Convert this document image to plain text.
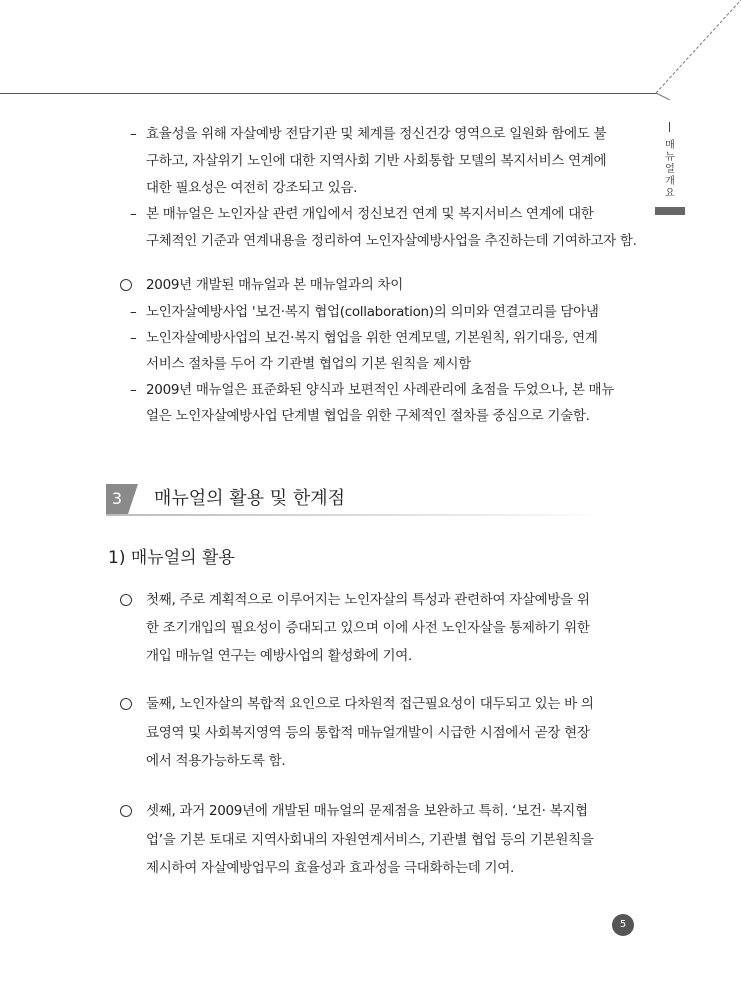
매뉴얼 개요
– 효율성을 위해 자살예방 전담기관 및 체계를 정신건강 영역으로 일원화 함에도 불
구하고, 자살위기 노인에 대한 지역사회 기반 사회통합 모델의 복지서비스 연계에
대한 필요성은 여전히 강조되고 있음.
– 본 매뉴얼은 노인자살 관련 개입에서 정신보건 연계 및 복지서비스 연계에 대한
구체적인 기준과 연계내용을 정리하여 노인자살예방사업을 추진하는데 기여하고자 함.
2009년 개발된 매뉴얼과 본 매뉴얼과의 차이
– 노인자살예방사업 '보건·복지 협업(collaboration)의 의미와 연결고리를 담아냄
– 노인자살예방사업의 보건·복지 협업을 위한 연계모델, 기본원칙, 위기대응, 연계
서비스 절차를 두어 각 기관별 협업의 기본 원칙을 제시함
– 2009년 매뉴얼은 표준화된 양식과 보편적인 사례관리에 초점을 두었으나, 본 매뉴
얼은 노인자살예방사업 단계별 협업을 위한 구체적인 절차를 중심으로 기술함.
3	매뉴얼의 활용 및 한계점
1) 매뉴얼의 활용
첫째, 주로 계획적으로 이루어지는 노인자살의 특성과 관련하여 자살예방을 위
한 조기개입의 필요성이 증대되고 있으며 이에 사전 노인자살을 통제하기 위한
개입 매뉴얼 연구는 예방사업의 활성화에 기여.
둘째, 노인자살의 복합적 요인으로 다차원적 접근필요성이 대두되고 있는 바 의
료영역 및 사회복지영역 등의 통합적 매뉴얼개발이 시급한 시점에서 곧장 현장
에서 적용가능하도록 함.
셋째, 과거 2009년에 개발된 매뉴얼의 문제점을 보완하고 특히. ‘보건· 복지협
업’을 기본 토대로 지역사회내의 자원연계서비스, 기관별 협업 등의 기본원칙을
제시하여 자살예방업무의 효율성과 효과성을 극대화하는데 기여.
5
